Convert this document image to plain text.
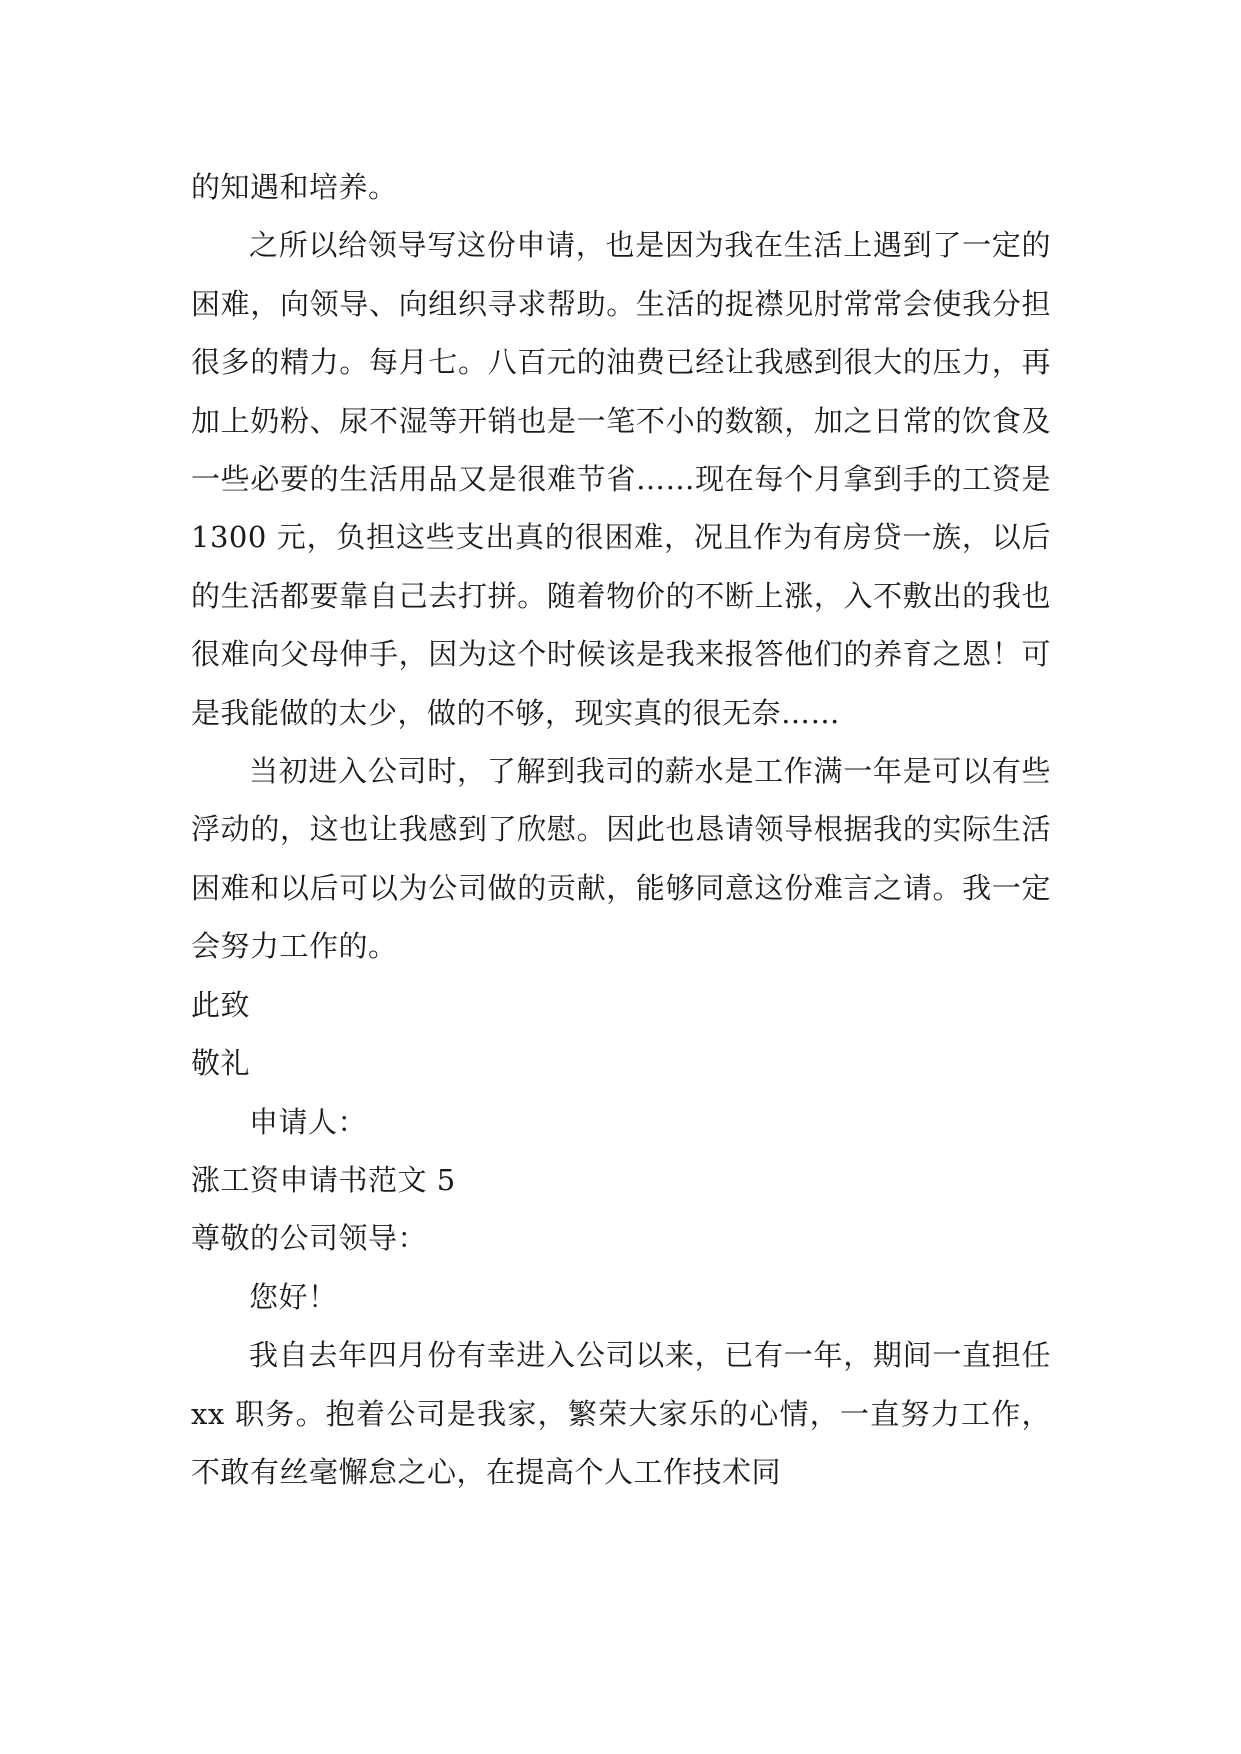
的知遇和培养。

之所以给领导写这份申请，也是因为我在生活上遇到了一定的困难，向领导、向组织寻求帮助。生活的捉襟见肘常常会使我分担很多的精力。每月七。八百元的油费已经让我感到很大的压力，再加上奶粉、尿不湿等开销也是一笔不小的数额，加之日常的饮食及一些必要的生活用品又是很难节省……现在每个月拿到手的工资是 1300 元，负担这些支出真的很困难，况且作为有房贷一族，以后的生活都要靠自己去打拼。随着物价的不断上涨，入不敷出的我也很难向父母伸手，因为这个时候该是我来报答他们的养育之恩！可是我能做的太少，做的不够，现实真的很无奈……

当初进入公司时，了解到我司的薪水是工作满一年是可以有些浮动的，这也让我感到了欣慰。因此也恳请领导根据我的实际生活困难和以后可以为公司做的贡献，能够同意这份难言之请。我一定会努力工作的。

此致

敬礼

申请人：

涨工资申请书范文 5

尊敬的公司领导：

您好！

我自去年四月份有幸进入公司以来，已有一年，期间一直担任 xx 职务。抱着公司是我家，繁荣大家乐的心情，一直努力工作，不敢有丝毫懈怠之心，在提高个人工作技术同
